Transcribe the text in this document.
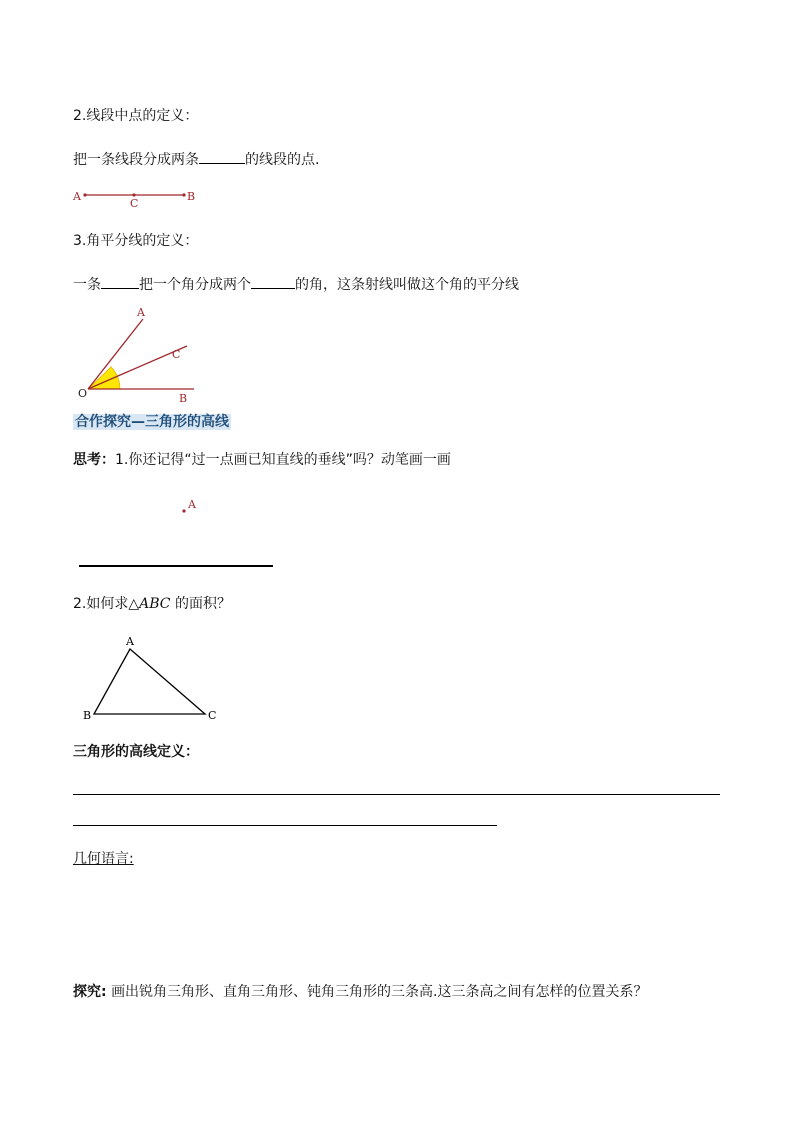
2.线段中点的定义：
把一条线段分成两条	的线段的点.
3.角平分线的定义：
一条	把一个角分成两个	的角，这条射线叫做这个角的平分线
合作探究—三角形的高线
思考：1.你还记得“过一点画已知直线的垂线”吗？动笔画一画
2.如何求△ABC 的面积？
三角形的高线定义：
几何语言:
探究: 画出锐角三角形、直角三角形、钝角三角形的三条高.这三条高之间有怎样的位置关系？
A
C
B
O
A
C
B
A
A
B	C
